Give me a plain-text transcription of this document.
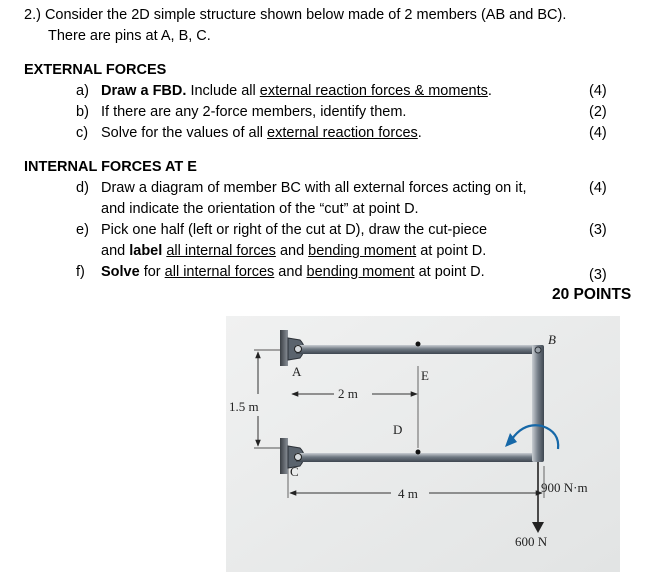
2.) Consider the 2D simple structure shown below made of 2 members (AB and BC).
There are pins at A, B, C.
EXTERNAL FORCES
a) Draw a FBD. Include all external reaction forces & moments.	(4)
b) If there are any 2-force members, identify them.	(2)
c) Solve for the values of all external reaction forces.	(4)
INTERNAL FORCES AT E
d) Draw a diagram of member BC with all external forces acting on it,	(4)
and indicate the orientation of the “cut” at point D.
e) Pick one half (left or right of the cut at D), draw the cut-piece	(3)
and label all internal forces and bending moment at point D.
f) Solve for all internal forces and bending moment at point D.	(3)
20 POINTS
1.5 m
2 m
4 m
A
B
C
D
E
900 N·m
600 N
